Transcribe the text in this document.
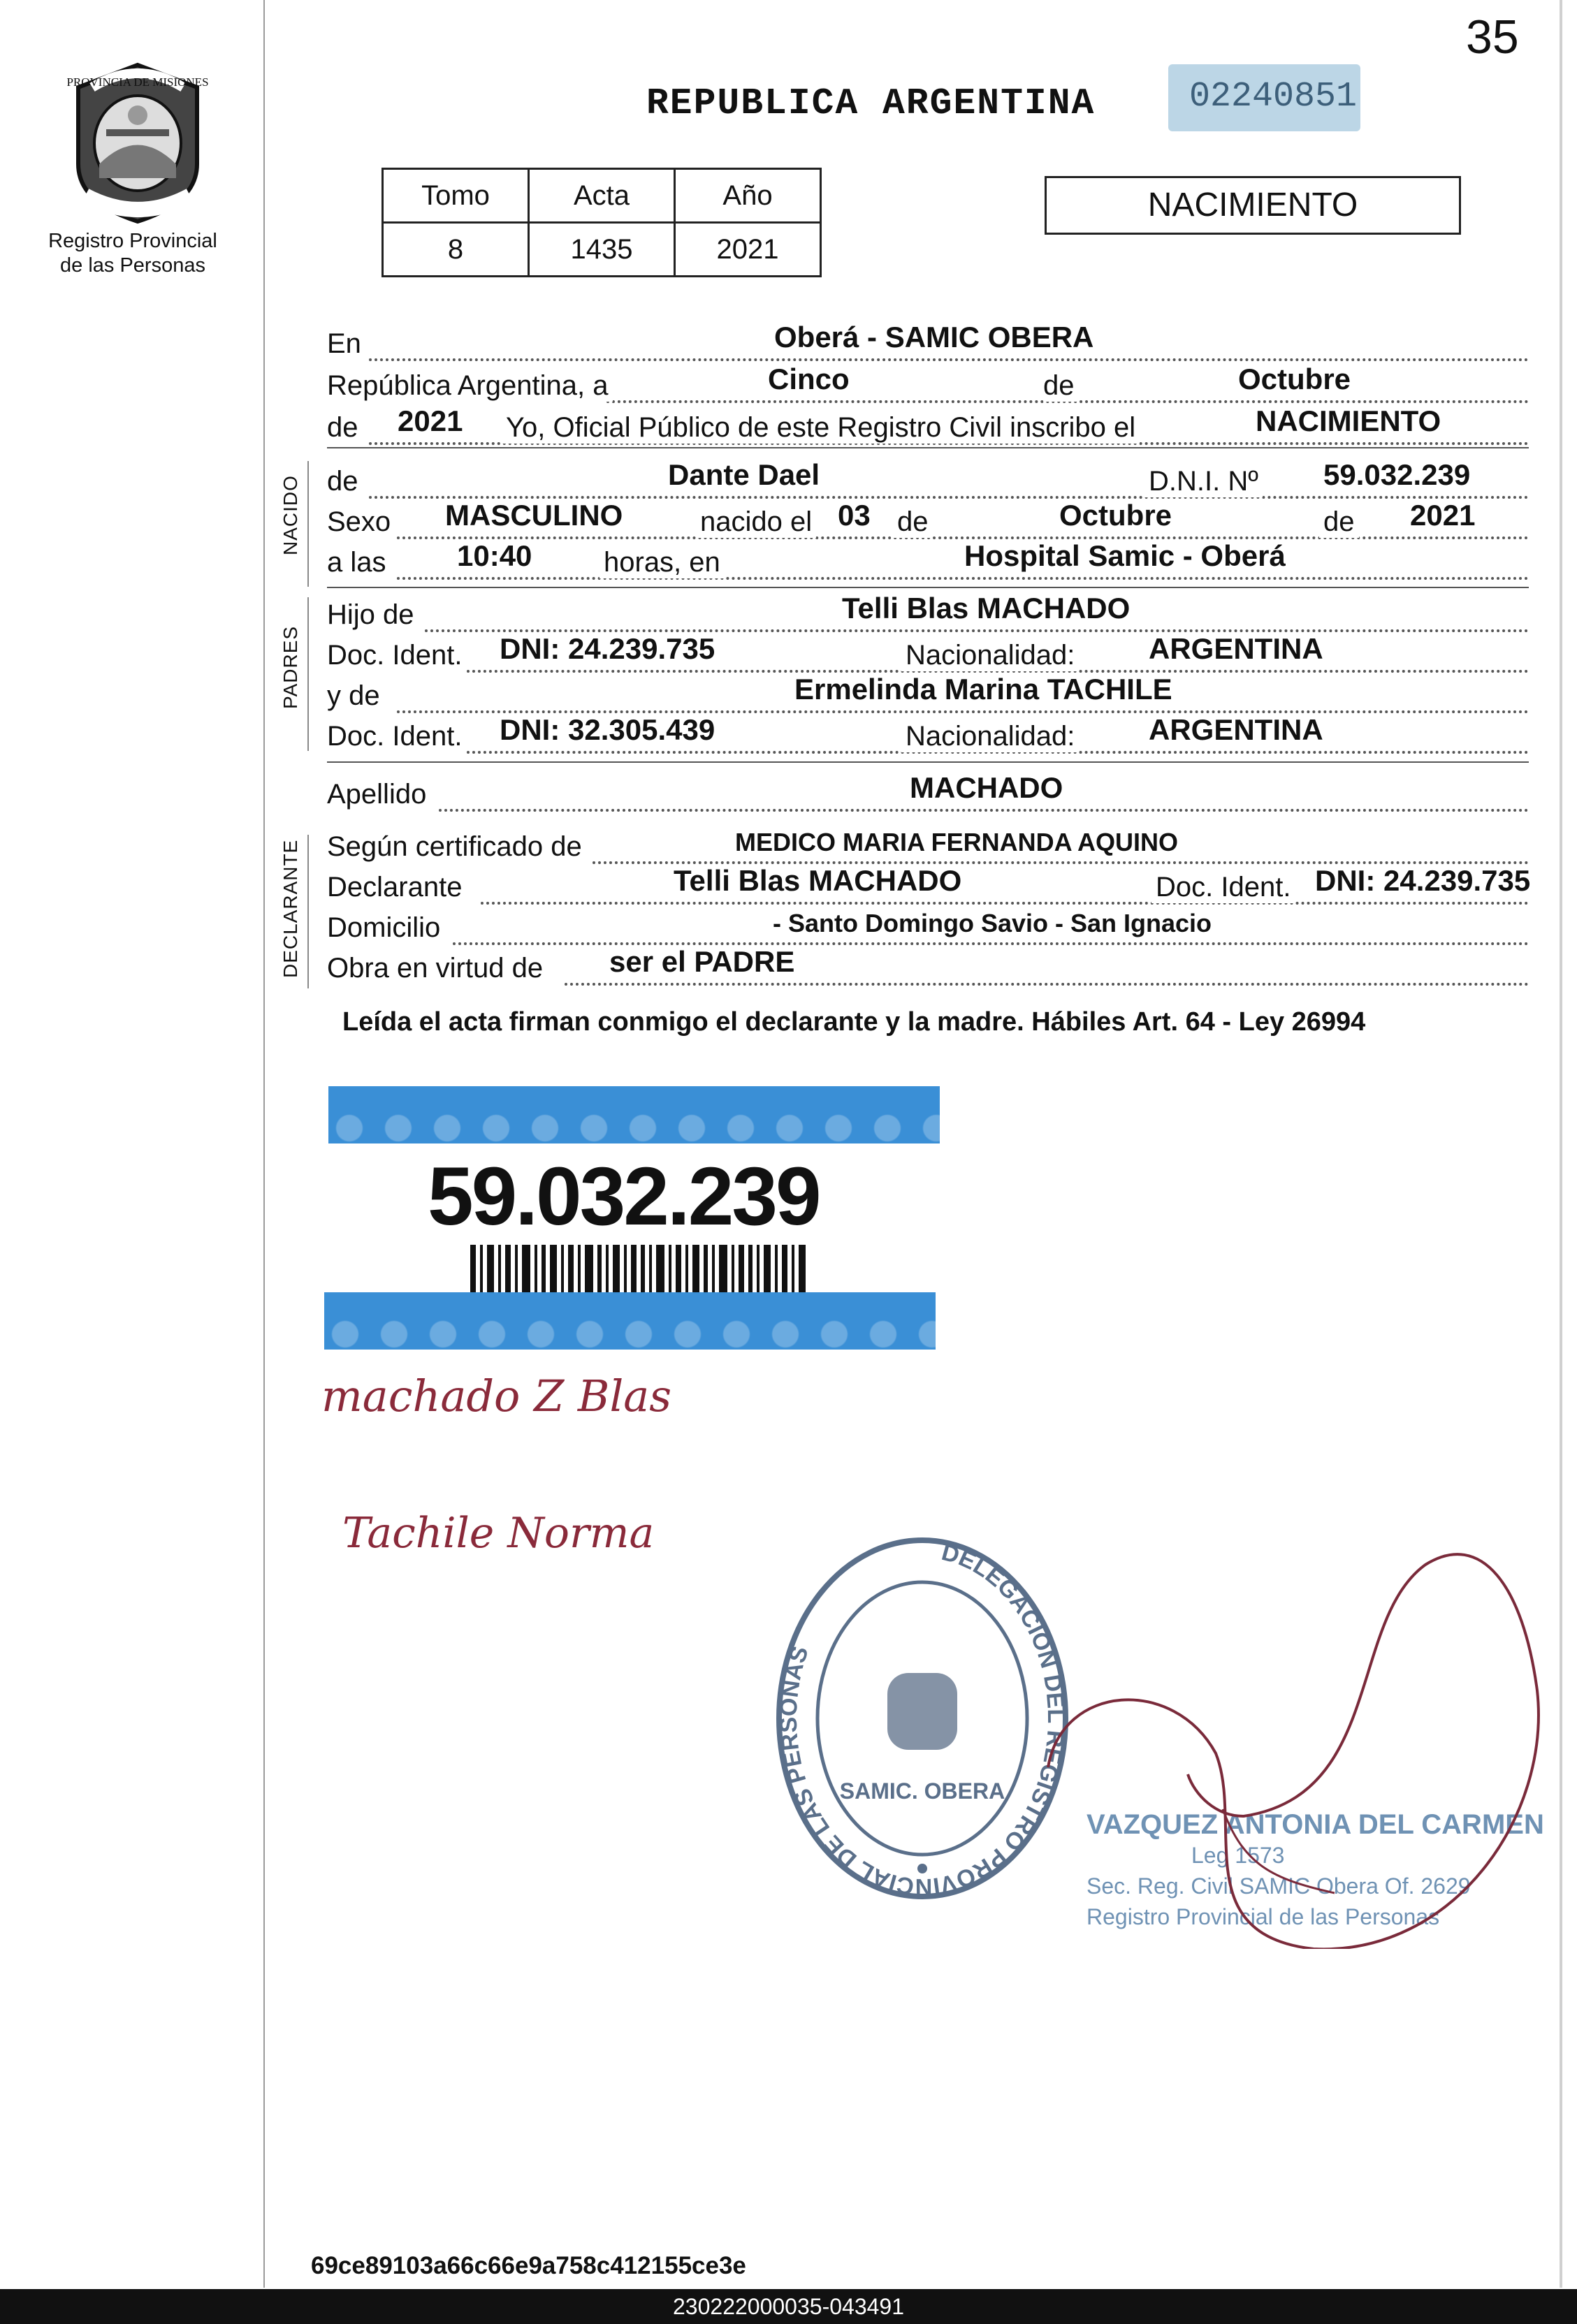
35
PROVINCIA DE MISIONES
Registro Provincial
de las Personas
REPUBLICA ARGENTINA	02240851
Tomo	Acta	Año
8	1435	2021
NACIMIENTO
En	Oberá - SAMIC OBERA
República Argentina, a	Cinco	de	Octubre
de 2021 Yo, Oficial Público de este Registro Civil inscribo el	NACIMIENTO
NACIDO de	Dante Dael	D.N.I. Nº 59.032.239
Sexo MASCULINO	nacido el 03 de	Octubre	de 2021
a las 10:40	horas, en	Hospital Samic - Oberá
PADRES
Hijo de	Telli Blas MACHADO
Doc. Ident. DNI: 24.239.735	Nacionalidad:	ARGENTINA
y de	Ermelinda Marina TACHILE
Doc. Ident. DNI: 32.305.439	Nacionalidad:	ARGENTINA
Apellido	MACHADO
DECLARANTE Según certificado de	MEDICO MARIA FERNANDA AQUINO
Declarante	Telli Blas MACHADO	Doc. Ident. DNI: 24.239.735
Domicilio	- Santo Domingo Savio - San Ignacio
Obra en virtud de ser el PADRE
Leída el acta firman conmigo el declarante y la madre. Hábiles Art. 64 - Ley 26994
59.032.239
machado Z Blas
Tachile Norma	DELEGACION DEL REGISTRO PROVINCIAL DE LAS PERSONAS
SAMIC. OBERA
VAZQUEZ ANTONIA DEL CARMEN
Leg 1573
Sec. Reg. Civil SAMIC Obera Of. 2629
Registro Provincial de las Personas
69ce89103a66c66e9a758c412155ce3e
230222000035-043491
